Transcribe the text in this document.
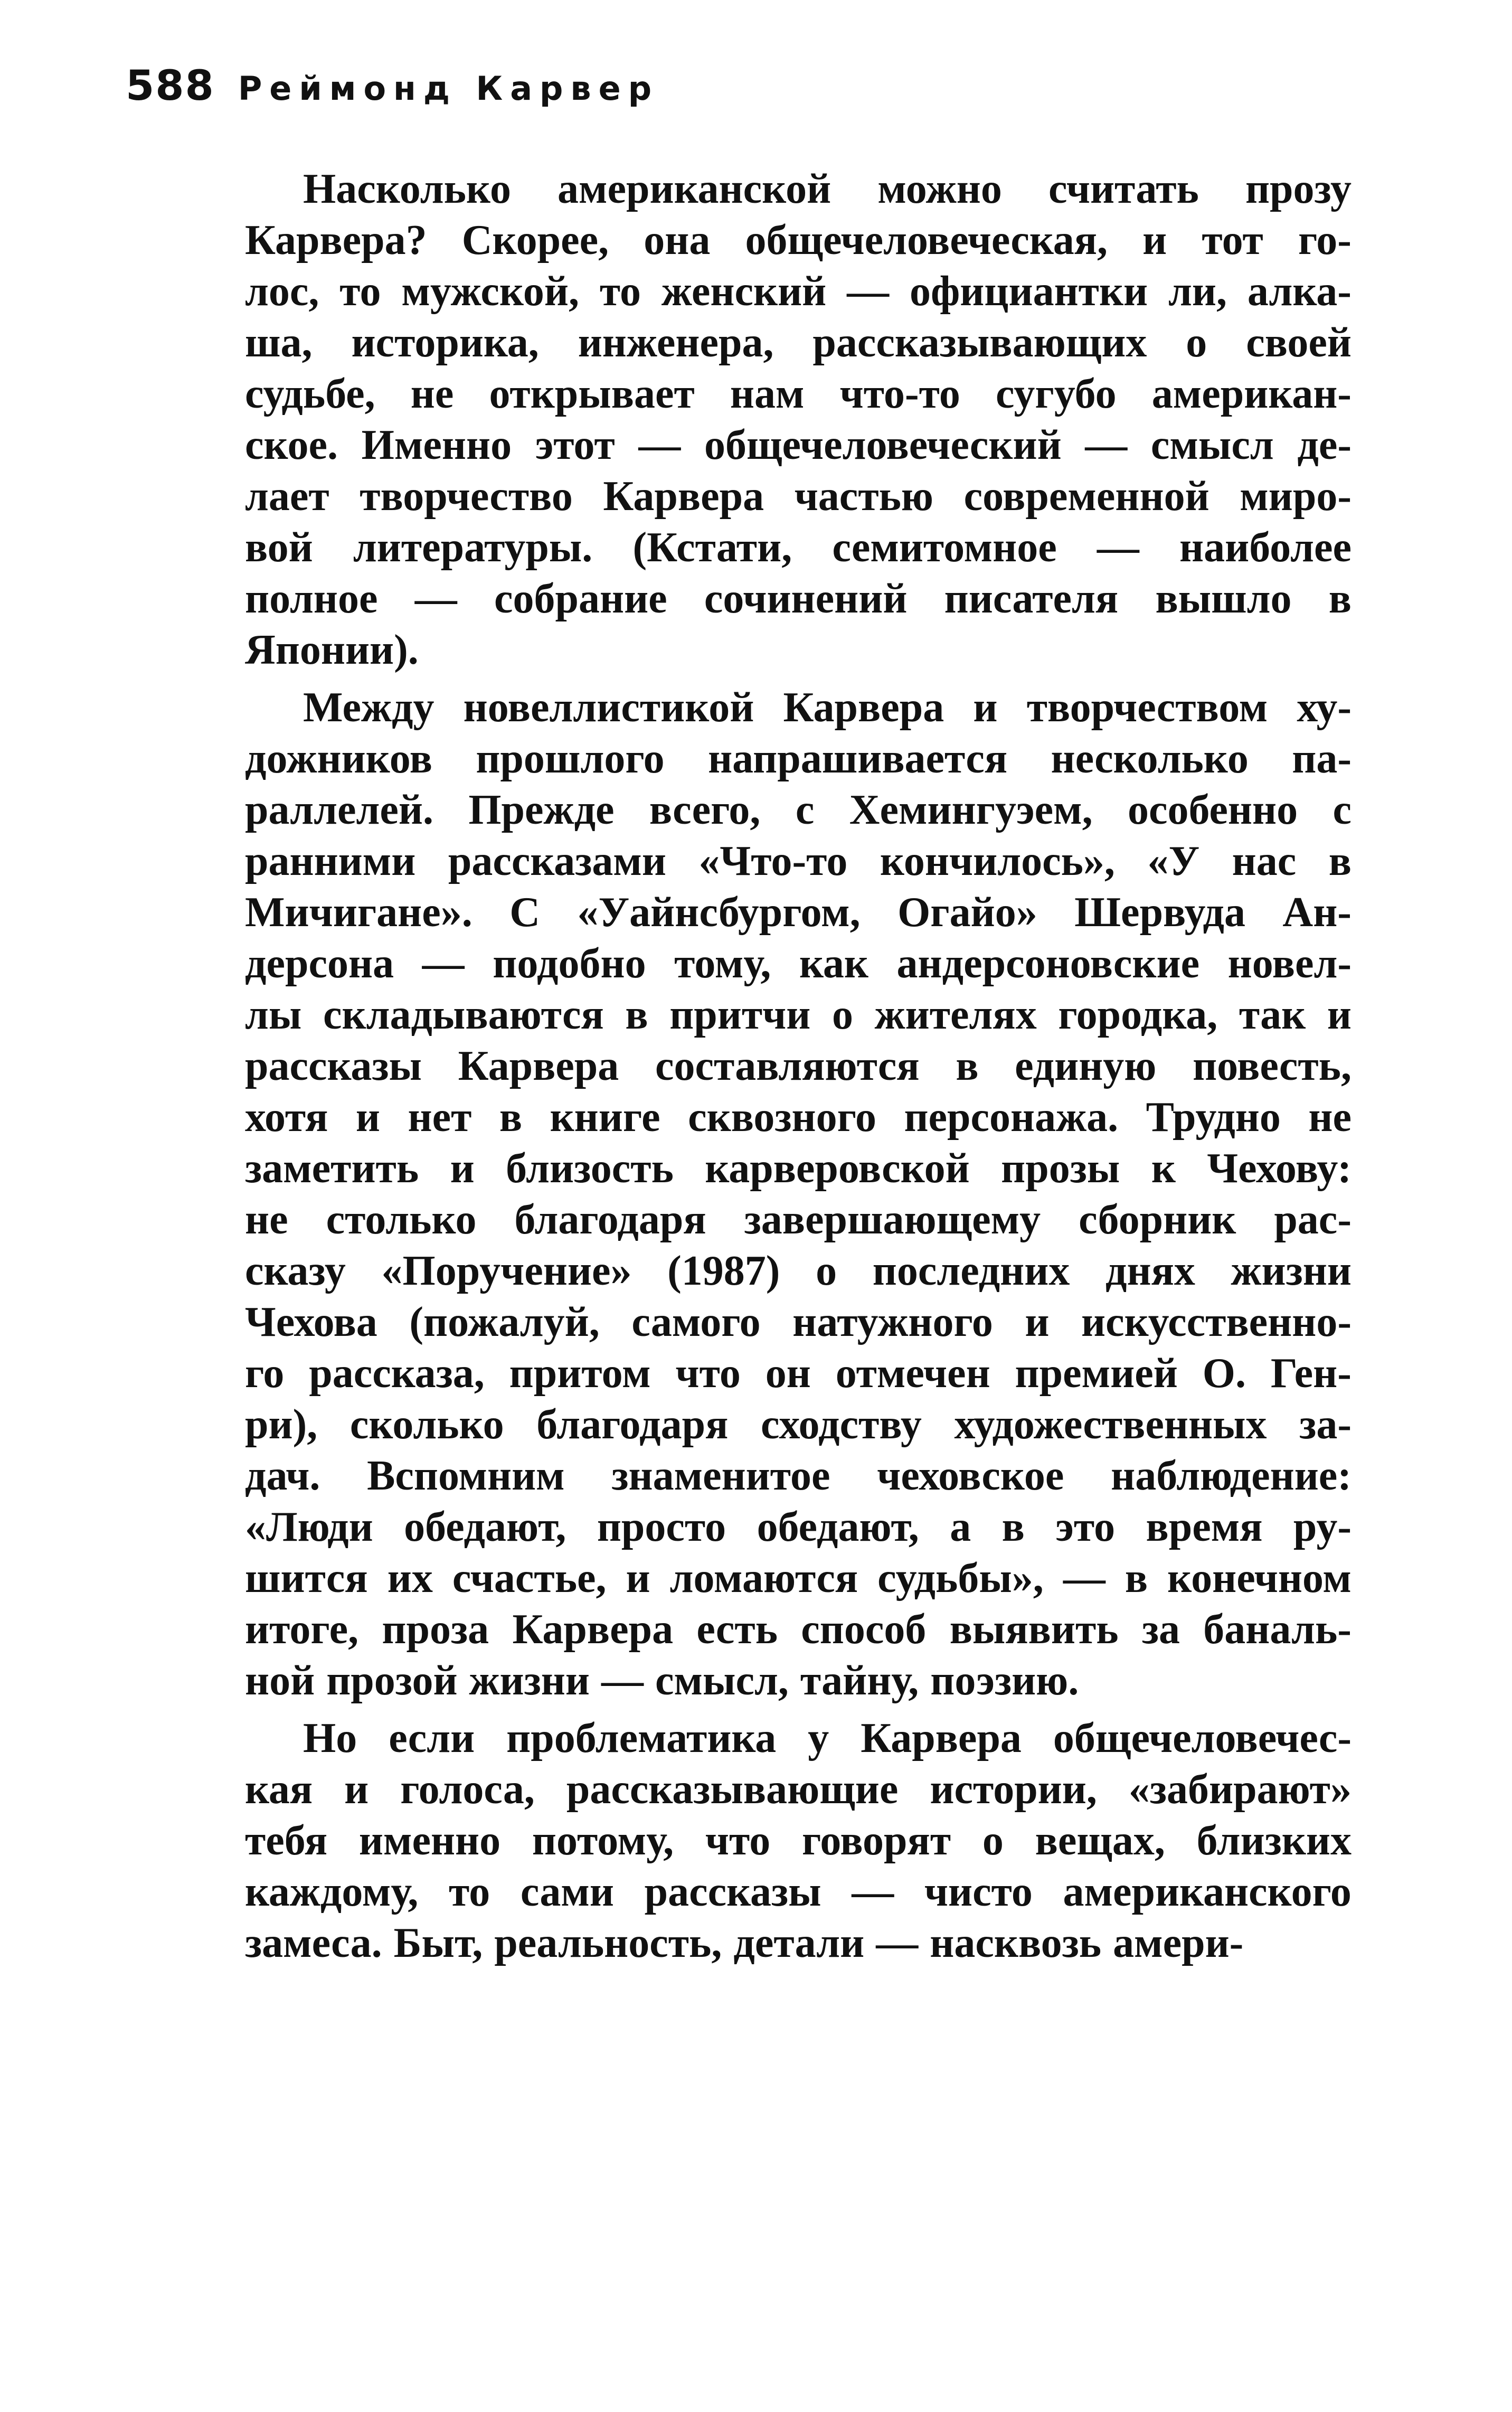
588 Реймонд Карвер
Насколько американской можно считать прозу
Карвера? Скорее, она общечеловеческая, и тот го-
лос, то мужской, то женский — официантки ли, алка-
ша, историка, инженера, рассказывающих о своей
судьбе, не открывает нам что-то сугубо американ-
ское. Именно этот — общечеловеческий — смысл де-
лает творчество Карвера частью современной миро-
вой литературы. (Кстати, семитомное — наиболее
полное — собрание сочинений писателя вышло в
Японии).
Между новеллистикой Карвера и творчеством ху-
дожников прошлого напрашивается несколько па-
раллелей. Прежде всего, с Хемингуэем, особенно с
ранними рассказами «Что-то кончилось», «У нас в
Мичигане». С «Уайнсбургом, Огайо» Шервуда Ан-
дерсона — подобно тому, как андерсоновские новел-
лы складываются в притчи о жителях городка, так и
рассказы Карвера составляются в единую повесть,
хотя и нет в книге сквозного персонажа. Трудно не
заметить и близость карверовской прозы к Чехову:
не столько благодаря завершающему сборник рас-
сказу «Поручение» (1987) о последних днях жизни
Чехова (пожалуй, самого натужного и искусственно-
го рассказа, притом что он отмечен премией О. Ген-
ри), сколько благодаря сходству художественных за-
дач. Вспомним знаменитое чеховское наблюдение:
«Люди обедают, просто обедают, а в это время ру-
шится их счастье, и ломаются судьбы», — в конечном
итоге, проза Карвера есть способ выявить за баналь-
ной прозой жизни — смысл, тайну, поэзию.
Но если проблематика у Карвера общечеловечес-
кая и голоса, рассказывающие истории, «забирают»
тебя именно потому, что говорят о вещах, близких
каждому, то сами рассказы — чисто американского
замеса. Быт, реальность, детали — насквозь амери-
